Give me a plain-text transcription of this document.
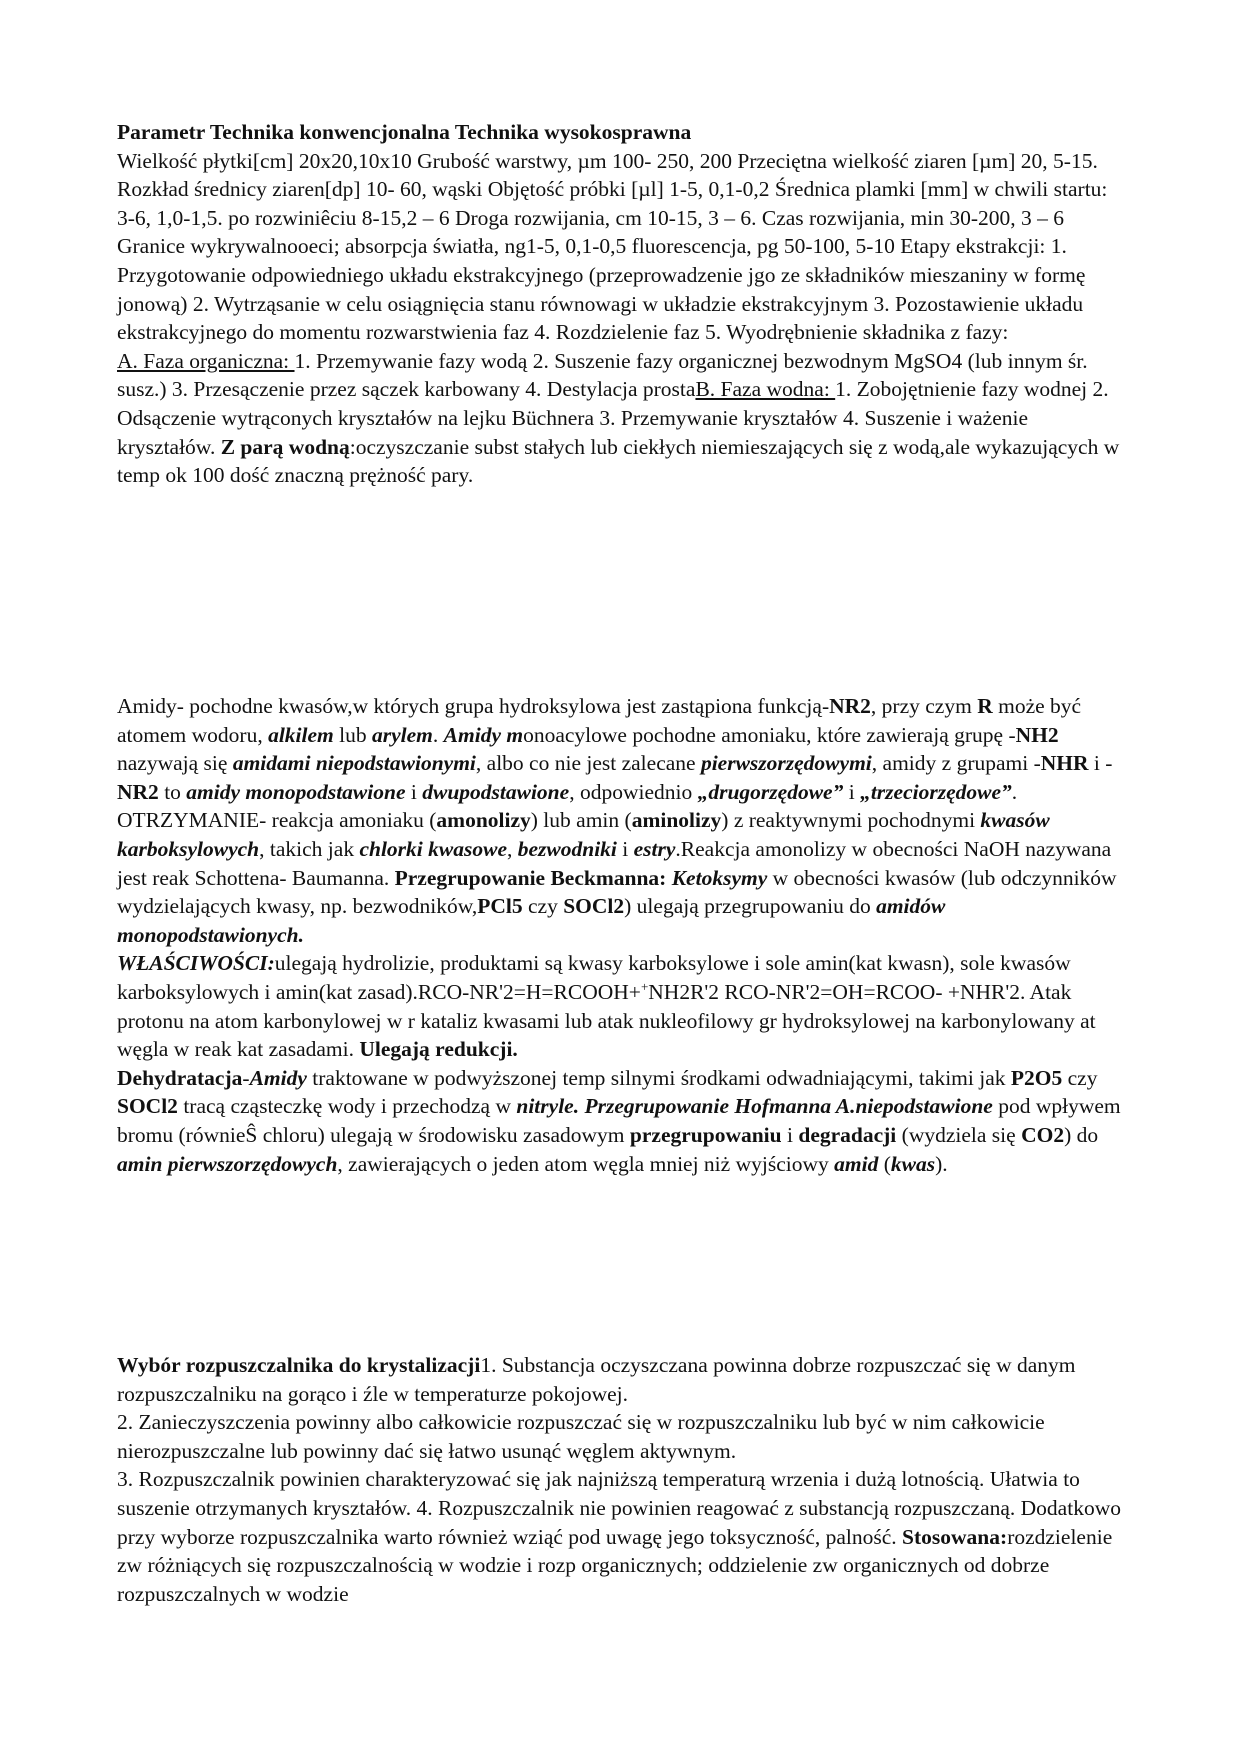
Parametr Technika konwencjonalna Technika wysokosprawna

Wielkość płytki[cm] 20x20,10x10 Grubość warstwy, µm 100- 250, 200 Przeciętna wielkość ziaren [µm] 20, 5-15. Rozkład średnicy ziaren[dp] 10- 60, wąski Objętość próbki [µl] 1-5, 0,1-0,2 Średnica plamki [mm] w chwili startu: 3-6, 1,0-1,5. po rozwiniêciu 8-15,2 – 6 Droga rozwijania, cm 10-15, 3 – 6. Czas rozwijania, min 30-200, 3 – 6 Granice wykrywalnooeci; absorpcja światła, ng1-5, 0,1-0,5 fluorescencja, pg 50-100, 5-10 Etapy ekstrakcji: 1. Przygotowanie odpowiedniego układu ekstrakcyjnego (przeprowadzenie jgo ze składników mieszaniny w formę jonową) 2. Wytrząsanie w celu osiągnięcia stanu równowagi w układzie ekstrakcyjnym 3. Pozostawienie układu ekstrakcyjnego do momentu rozwarstwienia faz 4. Rozdzielenie faz 5. Wyodrębnienie składnika z fazy:

A. Faza organiczna: 1. Przemywanie fazy wodą 2. Suszenie fazy organicznej bezwodnym MgSO4 (lub innym śr. susz.) 3. Przesączenie przez sączek karbowany 4. Destylacja prostaB. Faza wodna: 1. Zobojętnienie fazy wodnej 2. Odsączenie wytrąconych kryształów na lejku Büchnera 3. Przemywanie kryształów 4. Suszenie i ważenie kryształów. Z parą wodną:oczyszczanie subst stałych lub ciekłych niemieszających się z wodą,ale wykazujących w temp ok 100 dość znaczną prężność pary.

Amidy- pochodne kwasów,w których grupa hydroksylowa jest zastąpiona funkcją-NR2, przy czym R może być atomem wodoru, alkilem lub arylem. Amidy monoacylowe pochodne amoniaku, które zawierają grupę -NH2 nazywają się amidami niepodstawionymi, albo co nie jest zalecane pierwszorzędowymi, amidy z grupami -NHR i -NR2 to amidy monopodstawione i dwupodstawione, odpowiednio „drugorzędowe” i „trzeciorzędowe”. OTRZYMANIE- reakcja amoniaku (amonolizy) lub amin (aminolizy) z reaktywnymi pochodnymi kwasów karboksylowych, takich jak chlorki kwasowe, bezwodniki i estry.Reakcja amonolizy w obecności NaOH nazywana jest reak Schottena- Baumanna. Przegrupowanie Beckmanna: Ketoksymy w obecności kwasów (lub odczynników wydzielających kwasy, np. bezwodników,PCl5 czy SOCl2) ulegają przegrupowaniu do amidów monopodstawionych.

WŁAŚCIWOŚCI:ulegają hydrolizie, produktami są kwasy karboksylowe i sole amin(kat kwasn), sole kwasów karboksylowych i amin(kat zasad).RCO-NR'2=H=RCOOH++NH2R'2 RCO-NR'2=OH=RCOO- +NHR'2. Atak protonu na atom karbonylowej w r kataliz kwasami lub atak nukleofilowy gr hydroksylowej na karbonylowany at węgla w reak kat zasadami. Ulegają redukcji.

Dehydratacja-Amidy traktowane w podwyższonej temp silnymi środkami odwadniającymi, takimi jak P2O5 czy SOCl2 tracą cząsteczkę wody i przechodzą w nitryle. Przegrupowanie Hofmanna A.niepodstawione pod wpływem bromu (równieŜ chloru) ulegają w środowisku zasadowym przegrupowaniu i degradacji (wydziela się CO2) do amin pierwszorzędowych, zawierających o jeden atom węgla mniej niż wyjściowy amid (kwas).

Wybór rozpuszczalnika do krystalizacji1. Substancja oczyszczana powinna dobrze rozpuszczać się w danym rozpuszczalniku na gorąco i źle w temperaturze pokojowej.

2. Zanieczyszczenia powinny albo całkowicie rozpuszczać się w rozpuszczalniku lub być w nim całkowicie nierozpuszczalne lub powinny dać się łatwo usunąć węglem aktywnym.

3. Rozpuszczalnik powinien charakteryzować się jak najniższą temperaturą wrzenia i dużą lotnością. Ułatwia to suszenie otrzymanych kryształów. 4. Rozpuszczalnik nie powinien reagować z substancją rozpuszczaną. Dodatkowo przy wyborze rozpuszczalnika warto również wziąć pod uwagę jego toksyczność, palność. Stosowana:rozdzielenie zw różniących się rozpuszczalnością w wodzie i rozp organicznych; oddzielenie zw organicznych od dobrze rozpuszczalnych w wodzie
